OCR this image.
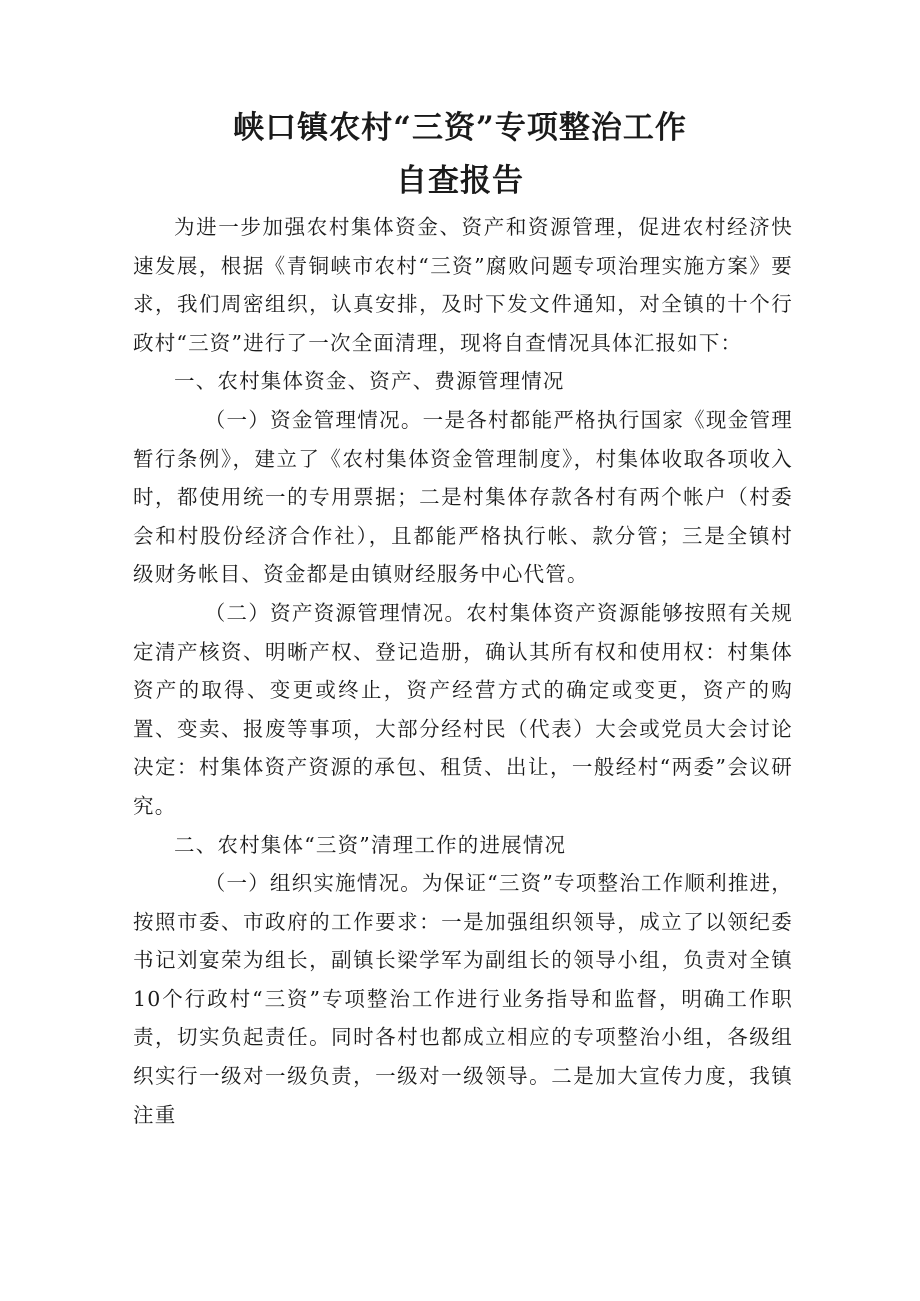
峡口镇农村“三资”专项整治工作
自查报告

为进一步加强农村集体资金、资产和资源管理，促进农村经济快速发展，根据《青铜峡市农村“三资”腐败问题专项治理实施方案》要求，我们周密组织，认真安排，及时下发文件通知，对全镇的十个行政村“三资”进行了一次全面清理，现将自查情况具体汇报如下：

一、农村集体资金、资产、费源管理情况

（一）资金管理情况。一是各村都能严格执行国家《现金管理暂行条例》，建立了《农村集体资金管理制度》，村集体收取各项收入时，都使用统一的专用票据；二是村集体存款各村有两个帐户（村委会和村股份经济合作社），且都能严格执行帐、款分管；三是全镇村级财务帐目、资金都是由镇财经服务中心代管。

（二）资产资源管理情况。农村集体资产资源能够按照有关规定清产核资、明晰产权、登记造册，确认其所有权和使用权：村集体资产的取得、变更或终止，资产经营方式的确定或变更，资产的购置、变卖、报废等事项，大部分经村民（代表）大会或党员大会讨论决定：村集体资产资源的承包、租赁、出让，一般经村“两委”会议研究。

二、农村集体“三资”清理工作的进展情况

（一）组织实施情况。为保证“三资”专项整治工作顺利推进，按照市委、市政府的工作要求：一是加强组织领导，成立了以领纪委书记刘宴荣为组长，副镇长梁学军为副组长的领导小组，负责对全镇10个行政村“三资”专项整治工作进行业务指导和监督，明确工作职责，切实负起责任。同时各村也都成立相应的专项整治小组，各级组织实行一级对一级负责，一级对一级领导。二是加大宣传力度，我镇注重
